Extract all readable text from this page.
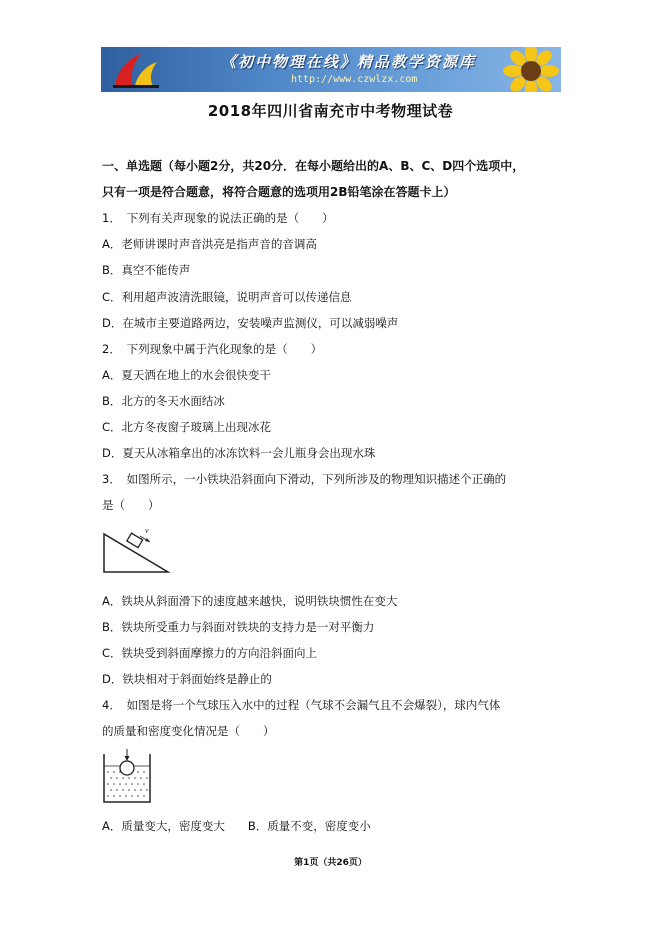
《初中物理在线》精品教学资源库
http://www.czwlzx.com
2018年四川省南充市中考物理试卷
一、单选题（每小题2分，共20分．在每小题给出的A、B、C、D四个选项中，
只有一项是符合题意，将符合题意的选项用2B铅笔涂在答题卡上）
1．　下列有关声现象的说法正确的是（　　）
A．老师讲课时声音洪亮是指声音的音调高
B．真空不能传声
C．利用超声波清洗眼镜，说明声音可以传递信息
D．在城市主要道路两边，安装噪声监测仪，可以减弱噪声
2．　下列现象中属于汽化现象的是（　　）
A．夏天洒在地上的水会很快变干
B．北方的冬天水面结冰
C．北方冬夜窗子玻璃上出现冰花
D．夏天从冰箱拿出的冰冻饮料一会儿瓶身会出现水珠
3．　如图所示，一小铁块沿斜面向下滑动，下列所涉及的物理知识描述个正确的
是（　　）
v
A．铁块从斜面滑下的速度越来越快，说明铁块惯性在变大
B．铁块所受重力与斜面对铁块的支持力是一对平衡力
C．铁块受到斜面摩擦力的方向沿斜面向上
D．铁块相对于斜面始终是静止的
4．　如图是将一个气球压入水中的过程（气球不会漏气且不会爆裂），球内气体
的质量和密度变化情况是（　　）
A．质量变大，密度变大　　B．质量不变，密度变小
第1页（共26页）
